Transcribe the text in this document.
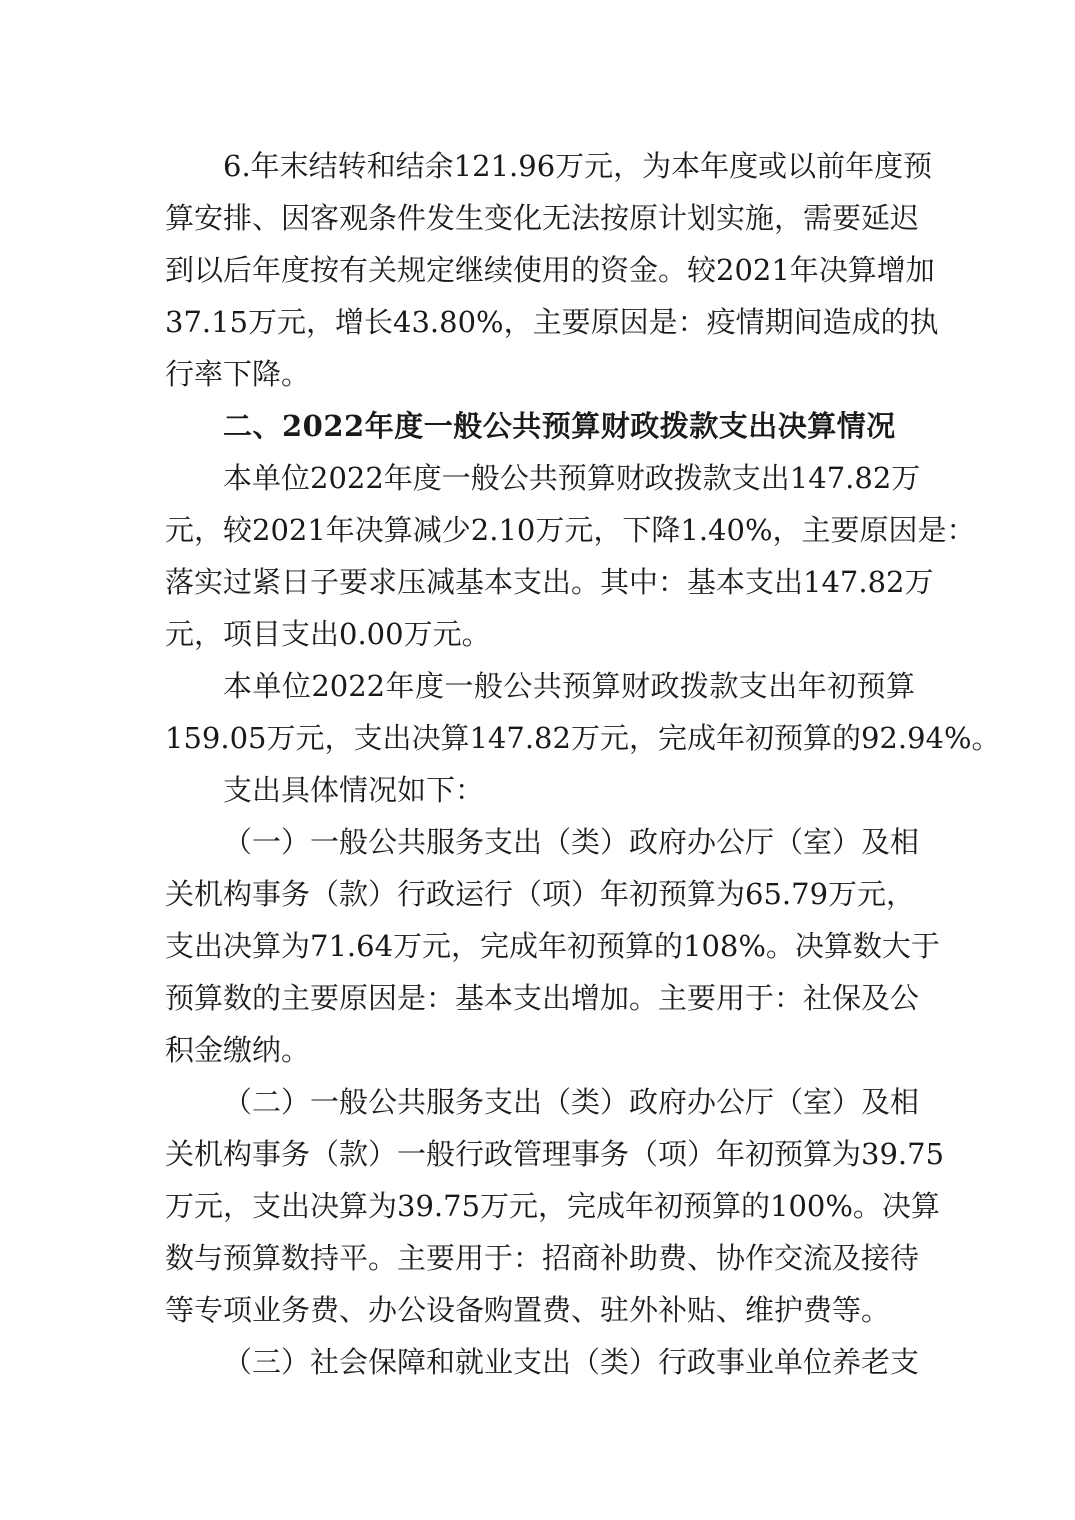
6.年末结转和结余121.96万元，为本年度或以前年度预
算安排、因客观条件发生变化无法按原计划实施，需要延迟
到以后年度按有关规定继续使用的资金。较2021年决算增加
37.15万元，增长43.80%，主要原因是：疫情期间造成的执
行率下降。
二、2022年度一般公共预算财政拨款支出决算情况
本单位2022年度一般公共预算财政拨款支出147.82万
元，较2021年决算减少2.10万元，下降1.40%，主要原因是：
落实过紧日子要求压减基本支出。其中：基本支出147.82万
元，项目支出0.00万元。
本单位2022年度一般公共预算财政拨款支出年初预算
159.05万元，支出决算147.82万元，完成年初预算的92.94%。
支出具体情况如下：
（一）一般公共服务支出（类）政府办公厅（室）及相
关机构事务（款）行政运行（项）年初预算为65.79万元，
支出决算为71.64万元，完成年初预算的108%。决算数大于
预算数的主要原因是：基本支出增加。主要用于：社保及公
积金缴纳。
（二）一般公共服务支出（类）政府办公厅（室）及相
关机构事务（款）一般行政管理事务（项）年初预算为39.75
万元，支出决算为39.75万元，完成年初预算的100%。决算
数与预算数持平。主要用于：招商补助费、协作交流及接待
等专项业务费、办公设备购置费、驻外补贴、维护费等。
（三）社会保障和就业支出（类）行政事业单位养老支
